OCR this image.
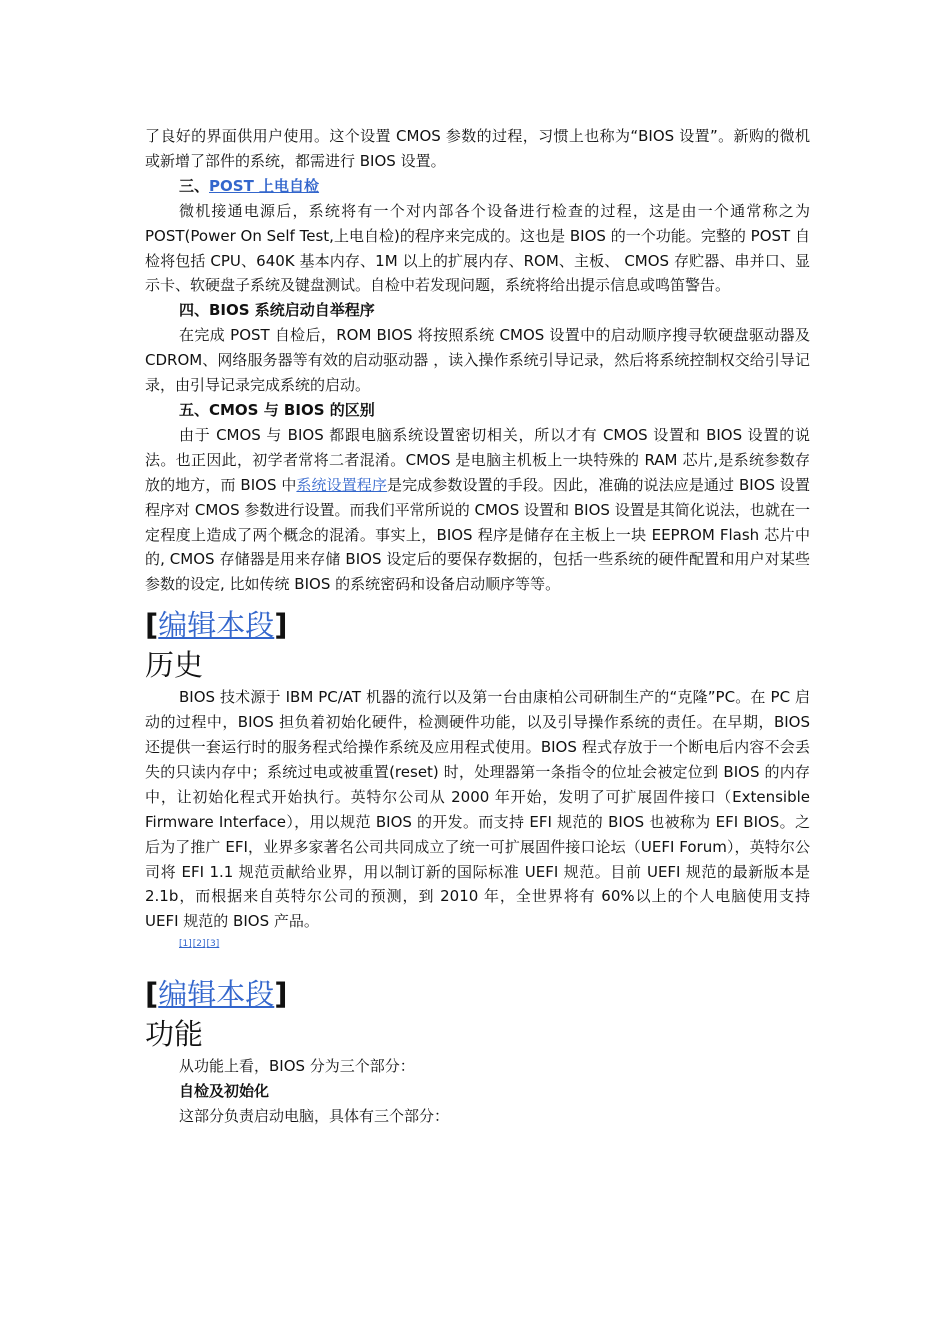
了良好的界面供用户使用。这个设置 CMOS 参数的过程，习惯上也称为“BIOS 设置”。新购的微机或新增了部件的系统，都需进行 BIOS 设置。

三、POST 上电自检

微机接通电源后，系统将有一个对内部各个设备进行检查的过程，这是由一个通常称之为 POST(Power On Self Test,上电自检)的程序来完成的。这也是 BIOS 的一个功能。完整的 POST 自检将包括 CPU、640K 基本内存、1M 以上的扩展内存、ROM、主板、 CMOS 存贮器、串并口、显示卡、软硬盘子系统及键盘测试。自检中若发现问题，系统将给出提示信息或鸣笛警告。

四、BIOS 系统启动自举程序

在完成 POST 自检后，ROM BIOS 将按照系统 CMOS 设置中的启动顺序搜寻软硬盘驱动器及 CDROM、网络服务器等有效的启动驱动器 ，读入操作系统引导记录，然后将系统控制权交给引导记录，由引导记录完成系统的启动。

五、CMOS 与 BIOS 的区别

由于 CMOS 与 BIOS 都跟电脑系统设置密切相关，所以才有 CMOS 设置和 BIOS 设置的说法。也正因此，初学者常将二者混淆。CMOS 是电脑主机板上一块特殊的 RAM 芯片,是系统参数存放的地方，而 BIOS 中系统设置程序是完成参数设置的手段。因此，准确的说法应是通过 BIOS 设置程序对 CMOS 参数进行设置。而我们平常所说的 CMOS 设置和 BIOS 设置是其简化说法，也就在一定程度上造成了两个概念的混淆。事实上，BIOS 程序是储存在主板上一块 EEPROM Flash 芯片中的, CMOS 存储器是用来存储 BIOS 设定后的要保存数据的，包括一些系统的硬件配置和用户对某些参数的设定, 比如传统 BIOS 的系统密码和设备启动顺序等等。

[编辑本段]
历史

BIOS 技术源于 IBM PC/AT 机器的流行以及第一台由康柏公司研制生产的“克隆”PC。在 PC 启动的过程中，BIOS 担负着初始化硬件，检测硬件功能，以及引导操作系统的责任。在早期，BIOS 还提供一套运行时的服务程式给操作系统及应用程式使用。BIOS 程式存放于一个断电后内容不会丢失的只读内存中；系统过电或被重置(reset) 时，处理器第一条指令的位址会被定位到 BIOS 的内存中，让初始化程式开始执行。英特尔公司从 2000 年开始，发明了可扩展固件接口（Extensible Firmware Interface），用以规范 BIOS 的开发。而支持 EFI 规范的 BIOS 也被称为 EFI BIOS。之后为了推广 EFI，业界多家著名公司共同成立了统一可扩展固件接口论坛（UEFI Forum），英特尔公司将 EFI 1.1 规范贡献给业界，用以制订新的国际标准 UEFI 规范。目前 UEFI 规范的最新版本是 2.1b，而根据来自英特尔公司的预测，到 2010 年，全世界将有 60%以上的个人电脑使用支持 UEFI 规范的 BIOS 产品。

[1][2][3]
[编辑本段]
功能

从功能上看，BIOS 分为三个部分：

自检及初始化

这部分负责启动电脑，具体有三个部分：
